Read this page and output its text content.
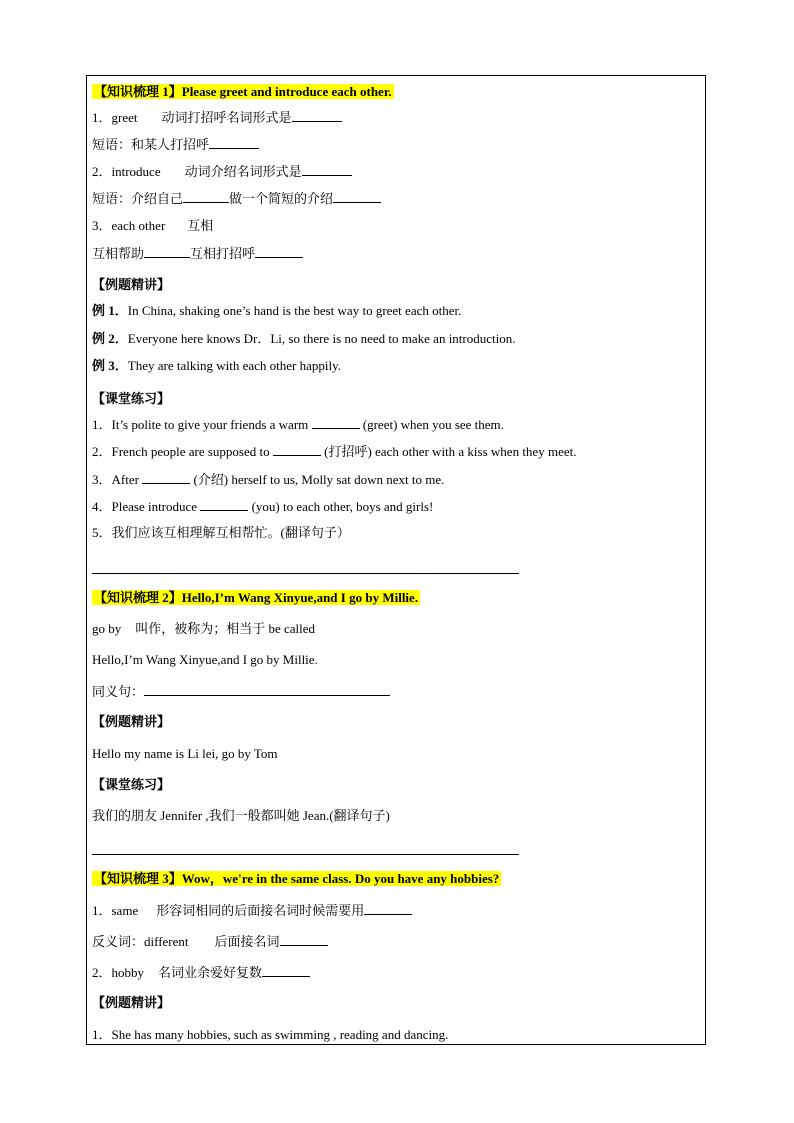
【知识梳理 1】Please greet and introduce each other.
1．greet 动词打招呼名词形式是
短语：和某人打招呼
2．introduce 动词介绍名词形式是
短语：介绍自己	做一个简短的介绍
3．each other 互相
互相帮助	互相打招呼
【例题精讲】
例 1．In China, shaking one’s hand is the best way to greet each other.
例 2．Everyone here knows Dr．Li, so there is no need to make an introduction.
例 3．They are talking with each other happily.
【课堂练习】
1．It’s polite to give your friends a warm	(greet) when you see them.
2．French people are supposed to	(打招呼) each other with a kiss when they meet.
3．After	(介绍) herself to us, Molly sat down next to me.
4．Please introduce	(you) to each other, boys and girls!
5．我们应该互相理解互相帮忙。(翻译句子）
【知识梳理 2】Hello,I’m Wang Xinyue,and I go by Millie.
go by 叫作，被称为；相当于 be called
Hello,I’m Wang Xinyue,and I go by Millie.
同义句：
【例题精讲】
Hello my name is Li lei, go by Tom
【课堂练习】
我们的朋友 Jennifer ,我们一般都叫她 Jean.(翻译句子)
【知识梳理 3】Wow，we're in the same class. Do you have any hobbies?
1．same 形容词相同的后面接名词时候需要用
反义词：different 后面接名词
2．hobby 名词业余爱好复数
【例题精讲】
1．She has many hobbies, such as swimming , reading and dancing.
